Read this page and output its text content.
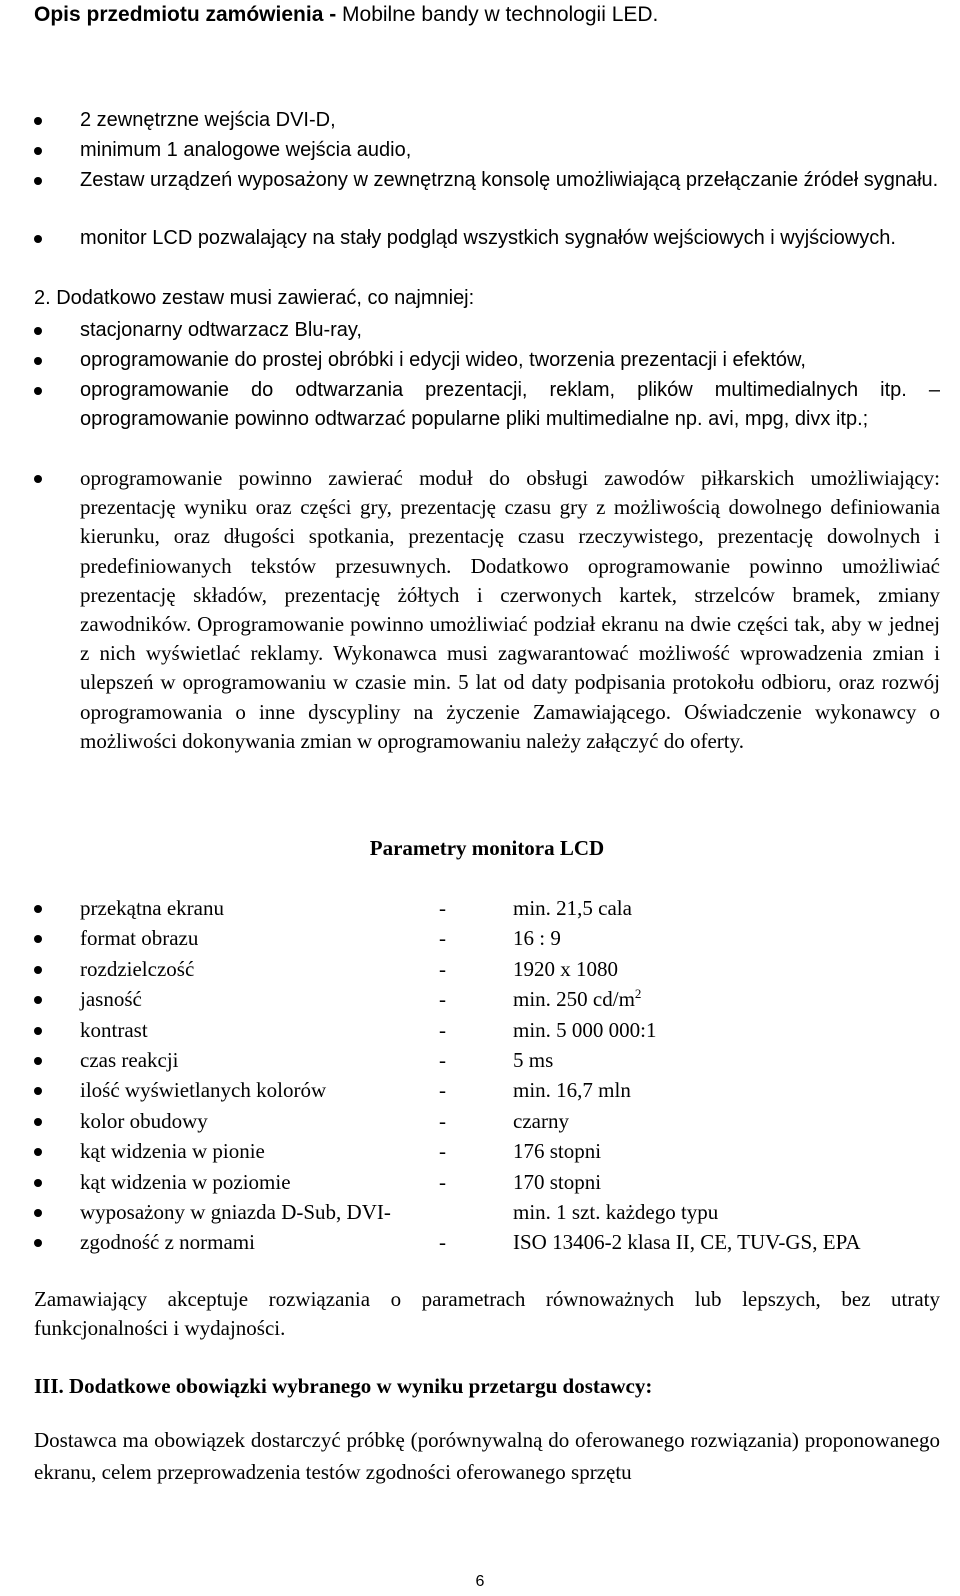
Opis przedmiotu zamówienia - Mobilne bandy w technologii LED.
2 zewnętrzne wejścia DVI-D,
minimum 1 analogowe wejścia audio,
Zestaw urządzeń wyposażony w zewnętrzną konsolę umożliwiającą przełączanie źródeł sygnału.
monitor LCD pozwalający na stały podgląd wszystkich sygnałów wejściowych i wyjściowych.
2. Dodatkowo zestaw musi zawierać, co najmniej:
stacjonarny odtwarzacz Blu-ray,
oprogramowanie do prostej obróbki i edycji wideo, tworzenia prezentacji i efektów,
oprogramowanie do odtwarzania prezentacji, reklam, plików multimedialnych itp. – oprogramowanie powinno odtwarzać popularne pliki multimedialne np. avi, mpg, divx itp.;
oprogramowanie powinno zawierać moduł do obsługi zawodów piłkarskich umożliwiający: prezentację wyniku oraz części gry, prezentację czasu gry z możliwością dowolnego definiowania kierunku, oraz długości spotkania, prezentację czasu rzeczywistego, prezentację dowolnych i predefiniowanych tekstów przesuwnych. Dodatkowo oprogramowanie powinno umożliwiać prezentację składów, prezentację żółtych i czerwonych kartek, strzelców bramek, zmiany zawodników. Oprogramowanie powinno umożliwiać podział ekranu na dwie części tak, aby w jednej z nich wyświetlać reklamy. Wykonawca musi zagwarantować możliwość wprowadzenia zmian i ulepszeń w oprogramowaniu w czasie min. 5 lat od daty podpisania protokołu odbioru, oraz rozwój oprogramowania o inne dyscypliny na życzenie Zamawiającego. Oświadczenie wykonawcy o możliwości dokonywania zmian w oprogramowaniu należy załączyć do oferty.
Parametry monitora LCD
przekątna ekranu	-	min. 21,5 cala
format obrazu	-	16 : 9
rozdzielczość	-	1920 x 1080
jasność	-	min. 250 $cd/m^2$
kontrast	-	min. 5 000 000:1
czas reakcji	-	5 ms
ilość wyświetlanych kolorów	-	min. 16,7 mln
kolor obudowy	-	czarny
kąt widzenia w pionie	-	176 stopni
kąt widzenia w poziomie	-	170 stopni
wyposażony w gniazda D-Sub, DVI-	min. 1 szt. każdego typu
zgodność z normami	-	ISO 13406-2 klasa II, CE, TUV-GS, EPA
Zamawiający akceptuje rozwiązania o parametrach równoważnych lub lepszych, bez utraty funkcjonalności i wydajności.
III. Dodatkowe obowiązki wybranego w wyniku przetargu dostawcy:
Dostawca ma obowiązek dostarczyć próbkę (porównywalną do oferowanego rozwiązania) proponowanego ekranu, celem przeprowadzenia testów zgodności oferowanego sprzętu
6
